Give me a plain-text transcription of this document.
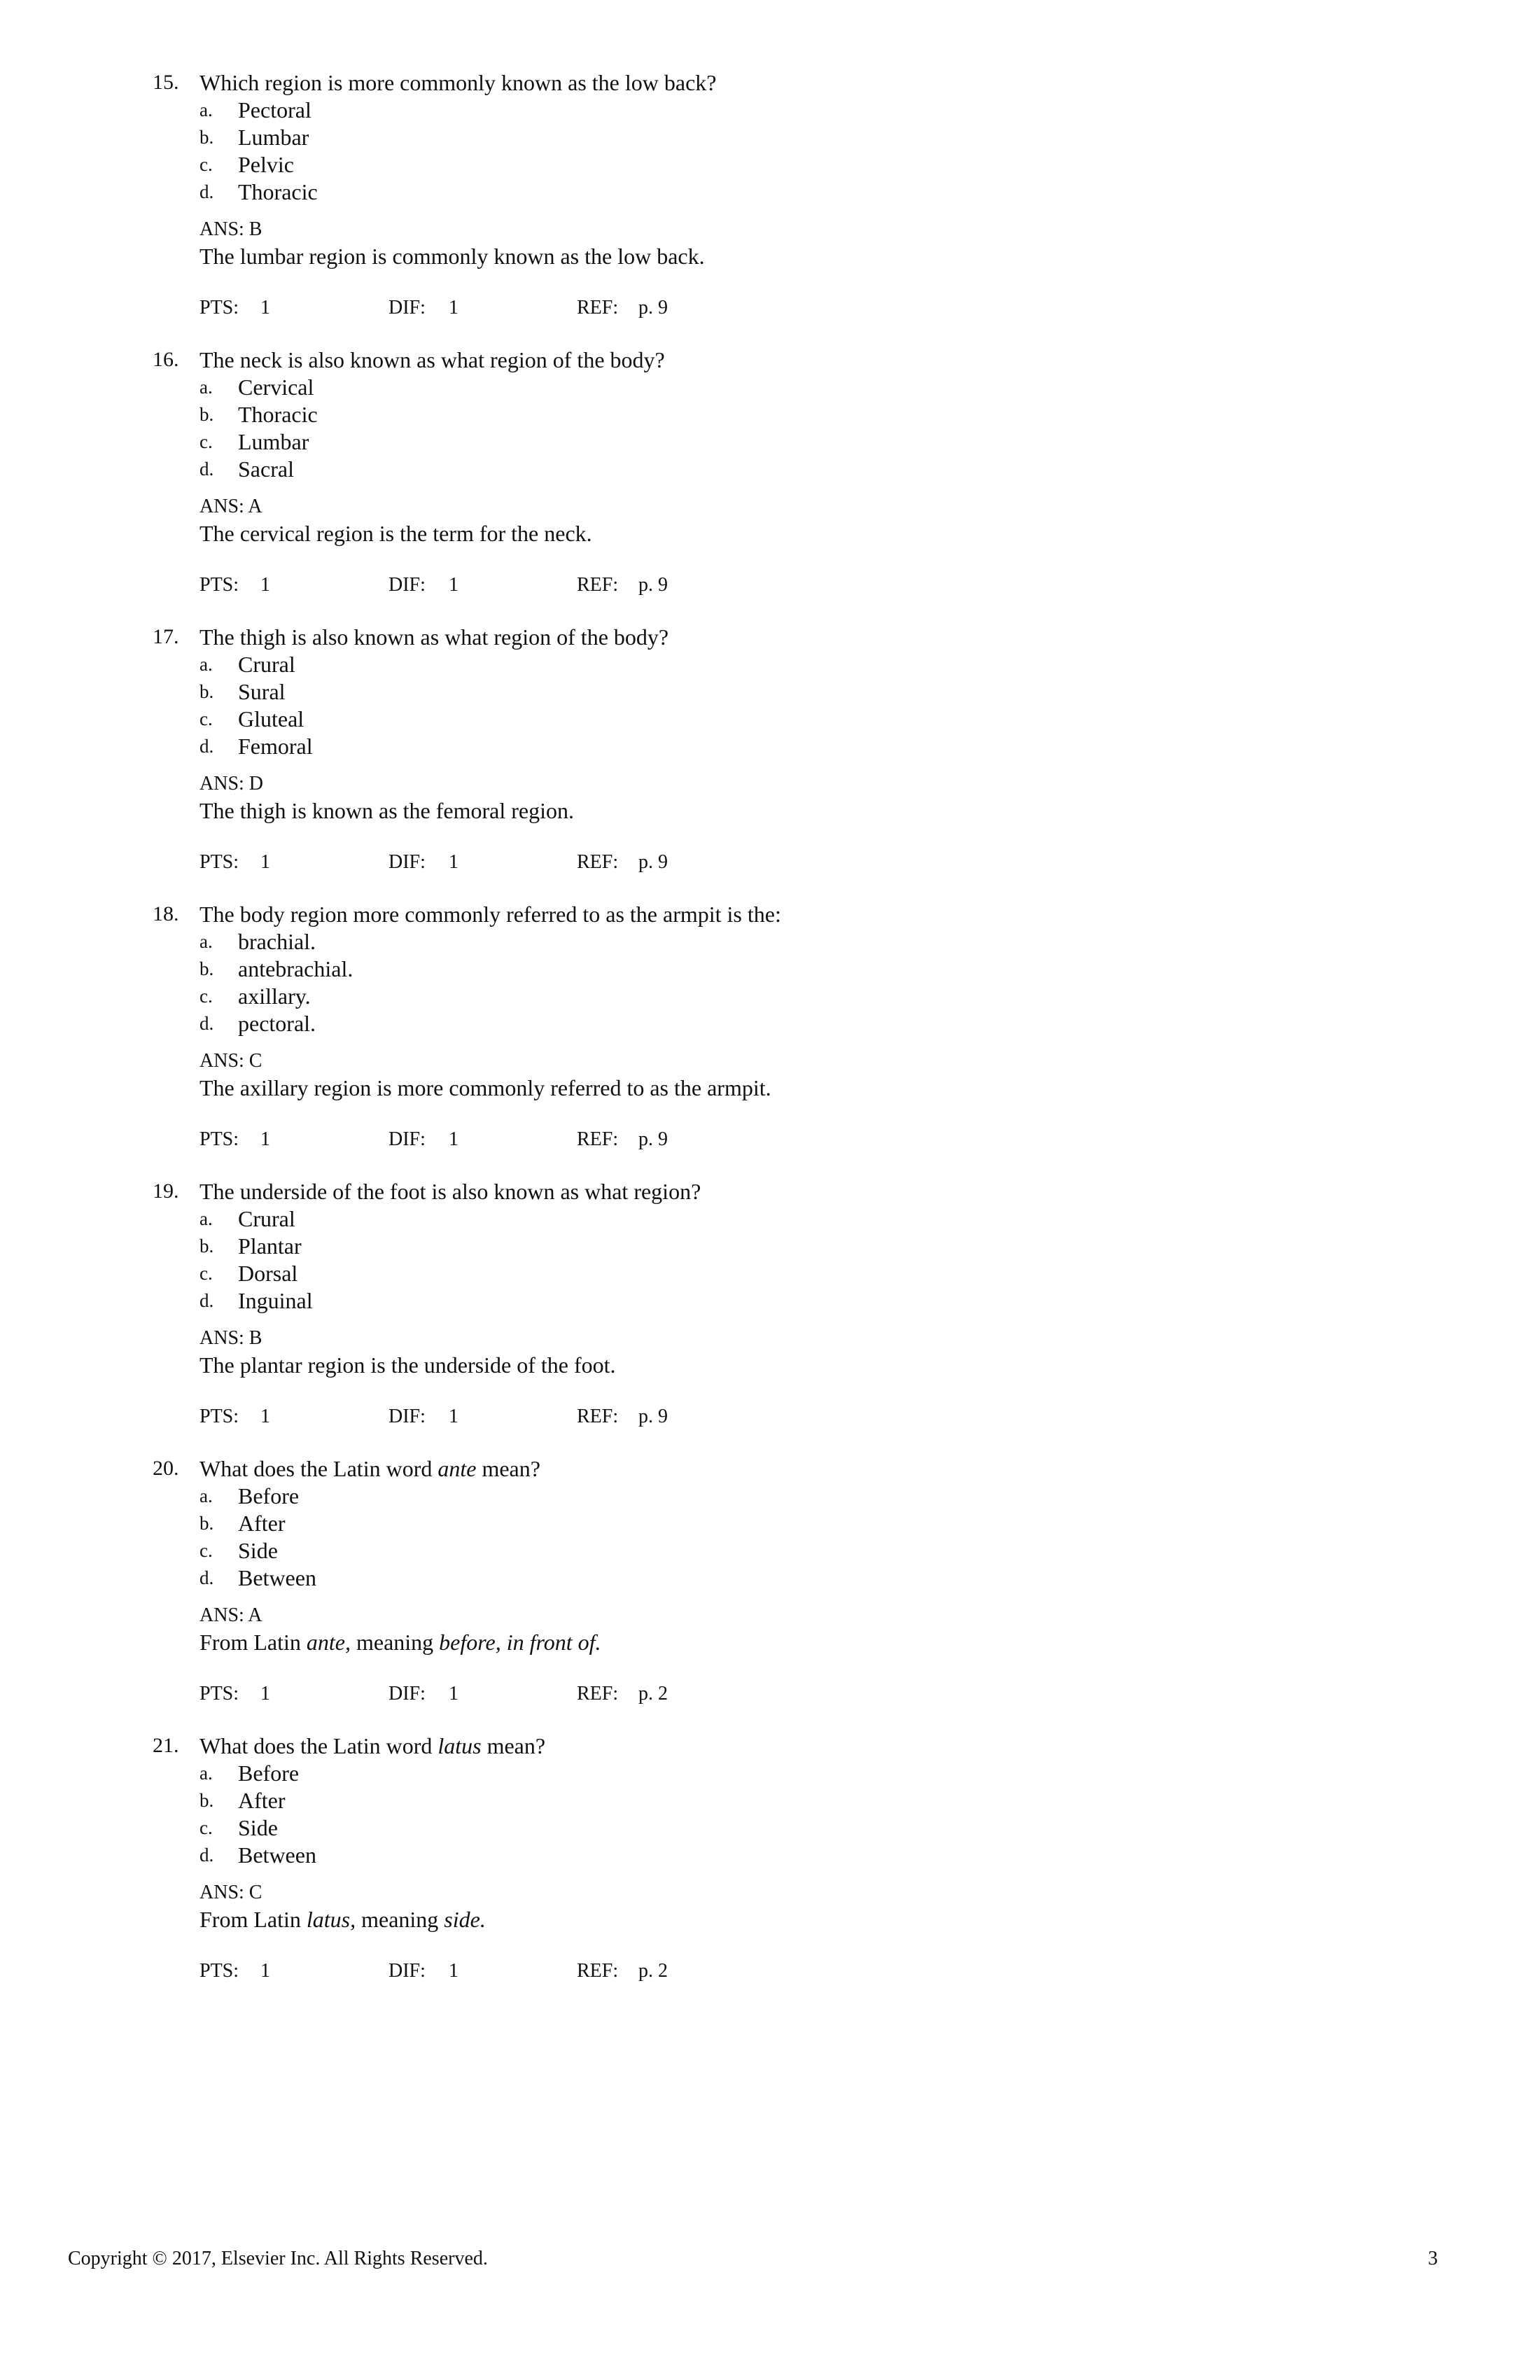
15. Which region is more commonly known as the low back?
a. Pectoral
b. Lumbar
c. Pelvic
d. Thoracic
ANS: B
The lumbar region is commonly known as the low back.
PTS: 1	DIF: 1	REF: p. 9
16. The neck is also known as what region of the body?
a. Cervical
b. Thoracic
c. Lumbar
d. Sacral
ANS: A
The cervical region is the term for the neck.
PTS: 1	DIF: 1	REF: p. 9
17. The thigh is also known as what region of the body?
a. Crural
b. Sural
c. Gluteal
d. Femoral
ANS: D
The thigh is known as the femoral region.
PTS: 1	DIF: 1	REF: p. 9
18. The body region more commonly referred to as the armpit is the:
a. brachial.
b. antebrachial.
c. axillary.
d. pectoral.
ANS: C
The axillary region is more commonly referred to as the armpit.
PTS: 1	DIF: 1	REF: p. 9
19. The underside of the foot is also known as what region?
a. Crural
b. Plantar
c. Dorsal
d. Inguinal
ANS: B
The plantar region is the underside of the foot.
PTS: 1	DIF: 1	REF: p. 9
20. What does the Latin word ante mean?
a. Before
b. After
c. Side
d. Between
ANS: A
From Latin ante, meaning before, in front of.
PTS: 1	DIF: 1	REF: p. 2
21. What does the Latin word latus mean?
a. Before
b. After
c. Side
d. Between
ANS: C
From Latin latus, meaning side.
PTS: 1	DIF: 1	REF: p. 2
Copyright © 2017, Elsevier Inc. All Rights Reserved.	3
